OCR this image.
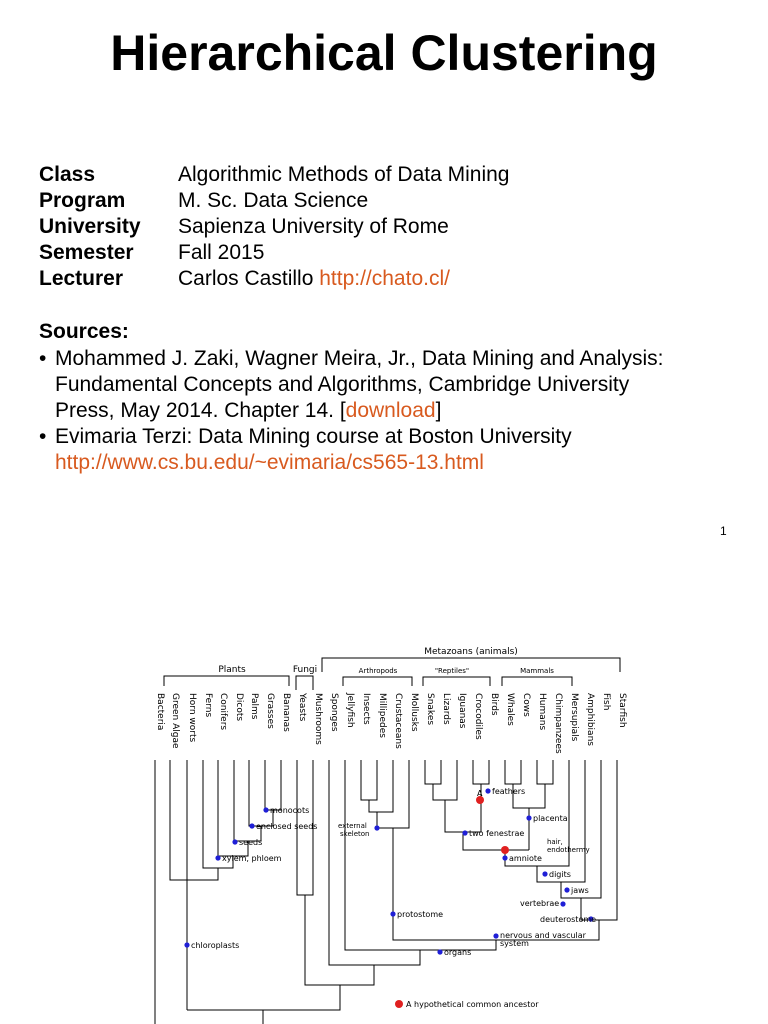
Hierarchical Clustering
Class	Algorithmic Methods of Data Mining
Program	M. Sc. Data Science
University Sapienza University of Rome
Semester Fall 2015
Lecturer	Carlos Castillo http://chato.cl/
Sources:
• Mohammed J. Zaki, Wagner Meira, Jr., Data Mining and Analysis:
Fundamental Concepts and Algorithms, Cambridge University
Press, May 2014. Chapter 14. [download]
• Evimaria Terzi: Data Mining course at Boston University
http://www.cs.bu.edu/~evimaria/cs565-13.html
1
Bacteria Green Algae Horn worts Ferns Conifers Dicots Palms Grasses Bananas Yeasts Mushrooms Sponges Jellyfish Insects Millipedes Crustaceans Mollusks Snakes Lizards Iguanas Crocodiles Birds Whales Cows Humans Chimpanzees Mersupials Amphibians Fish Starfish
Plants	Fungi
Metazoans (animals)
Arthropods	"Reptiles"	Mammals
monocots
enclosed seeds
seeds
xylem, phloem
chloroplasts
feathers
placenta
two fenestrae
amniote
digits
jaws
protostome
organs
external
skeleton
hair,
endothermy
vertebrae
deuterostome
nervous and vascular
system
A
A hypothetical common ancestor
